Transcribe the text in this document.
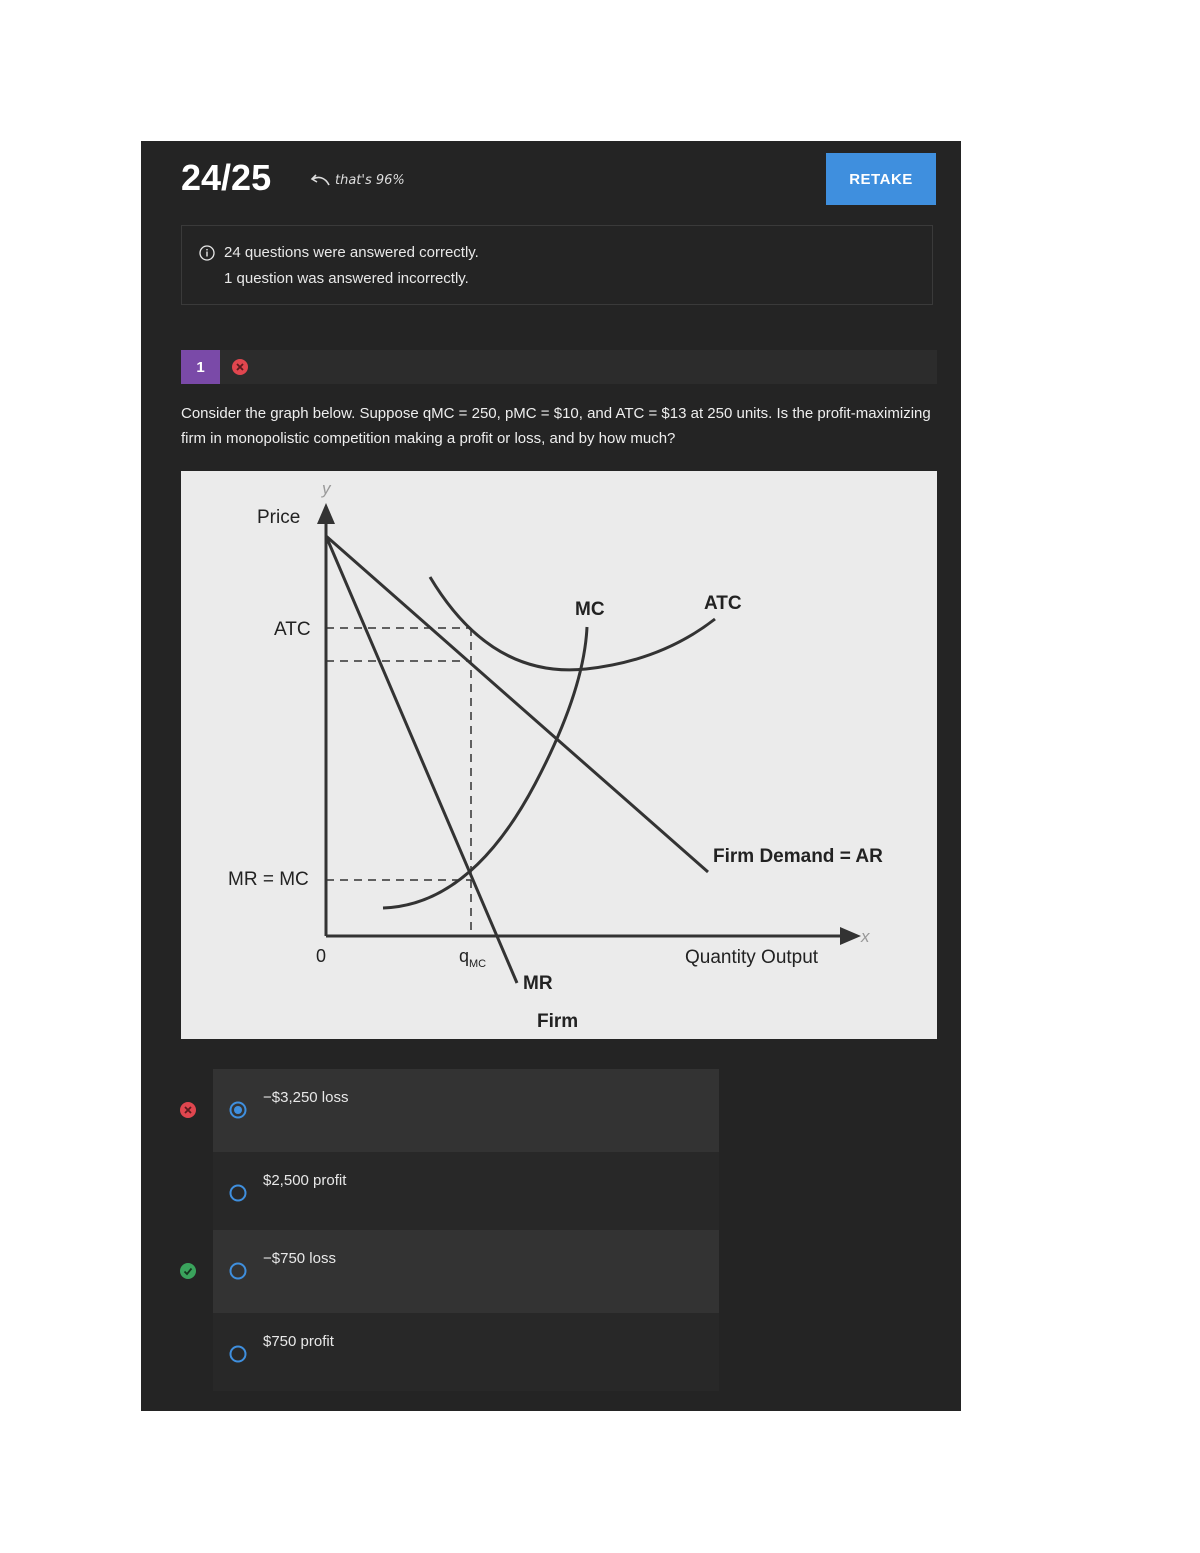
24/25	that's 96%	RETAKE
24 questions were answered correctly.
1 question was answered incorrectly.
1
Consider the graph below. Suppose qMC = 250, pMC = $10, and ATC = $13 at 250 units. Is the profit-maximizing firm in monopolistic competition making a profit or loss, and by how much?
y
x
Price
ATC
MR = MC
0	$q_{MC}$
MC	ATC
Firm Demand = AR
Quantity Output
MR
Firm
−$3,250 loss
$2,500 profit
−$750 loss
$750 profit
